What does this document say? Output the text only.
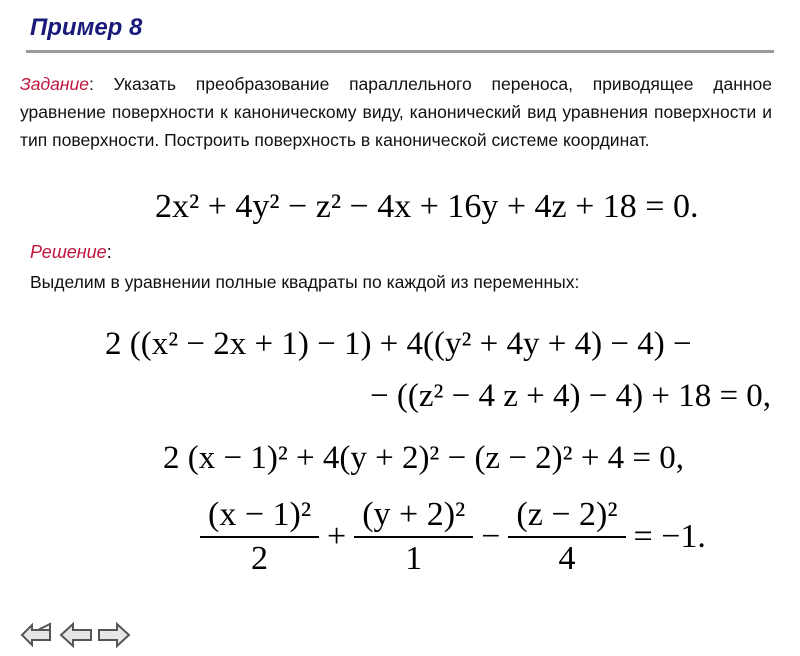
Пример 8
Задание: Указать преобразование параллельного переноса, приводящее данное уравнение поверхности к каноническому виду, канонический вид уравнения поверхности и тип поверхности. Построить поверхность в канонической системе координат.
2x² + 4y² − z² − 4x + 16y + 4z + 18 = 0.
Решение:
Выделим в уравнении полные квадраты по каждой из переменных:
2 ((x² − 2x + 1) − 1) + 4((y² + 4y + 4) − 4) −
− ((z² − 4 z + 4) − 4) + 18 = 0,
2 (x − 1)² + 4(y + 2)² − (z − 2)² + 4 = 0,
$\frac{\text{(x − 1)²}}{2} + \frac{\text{(y + 2)²}}{1} - \frac{\text{(z − 2)²}}{4} = -1$.
